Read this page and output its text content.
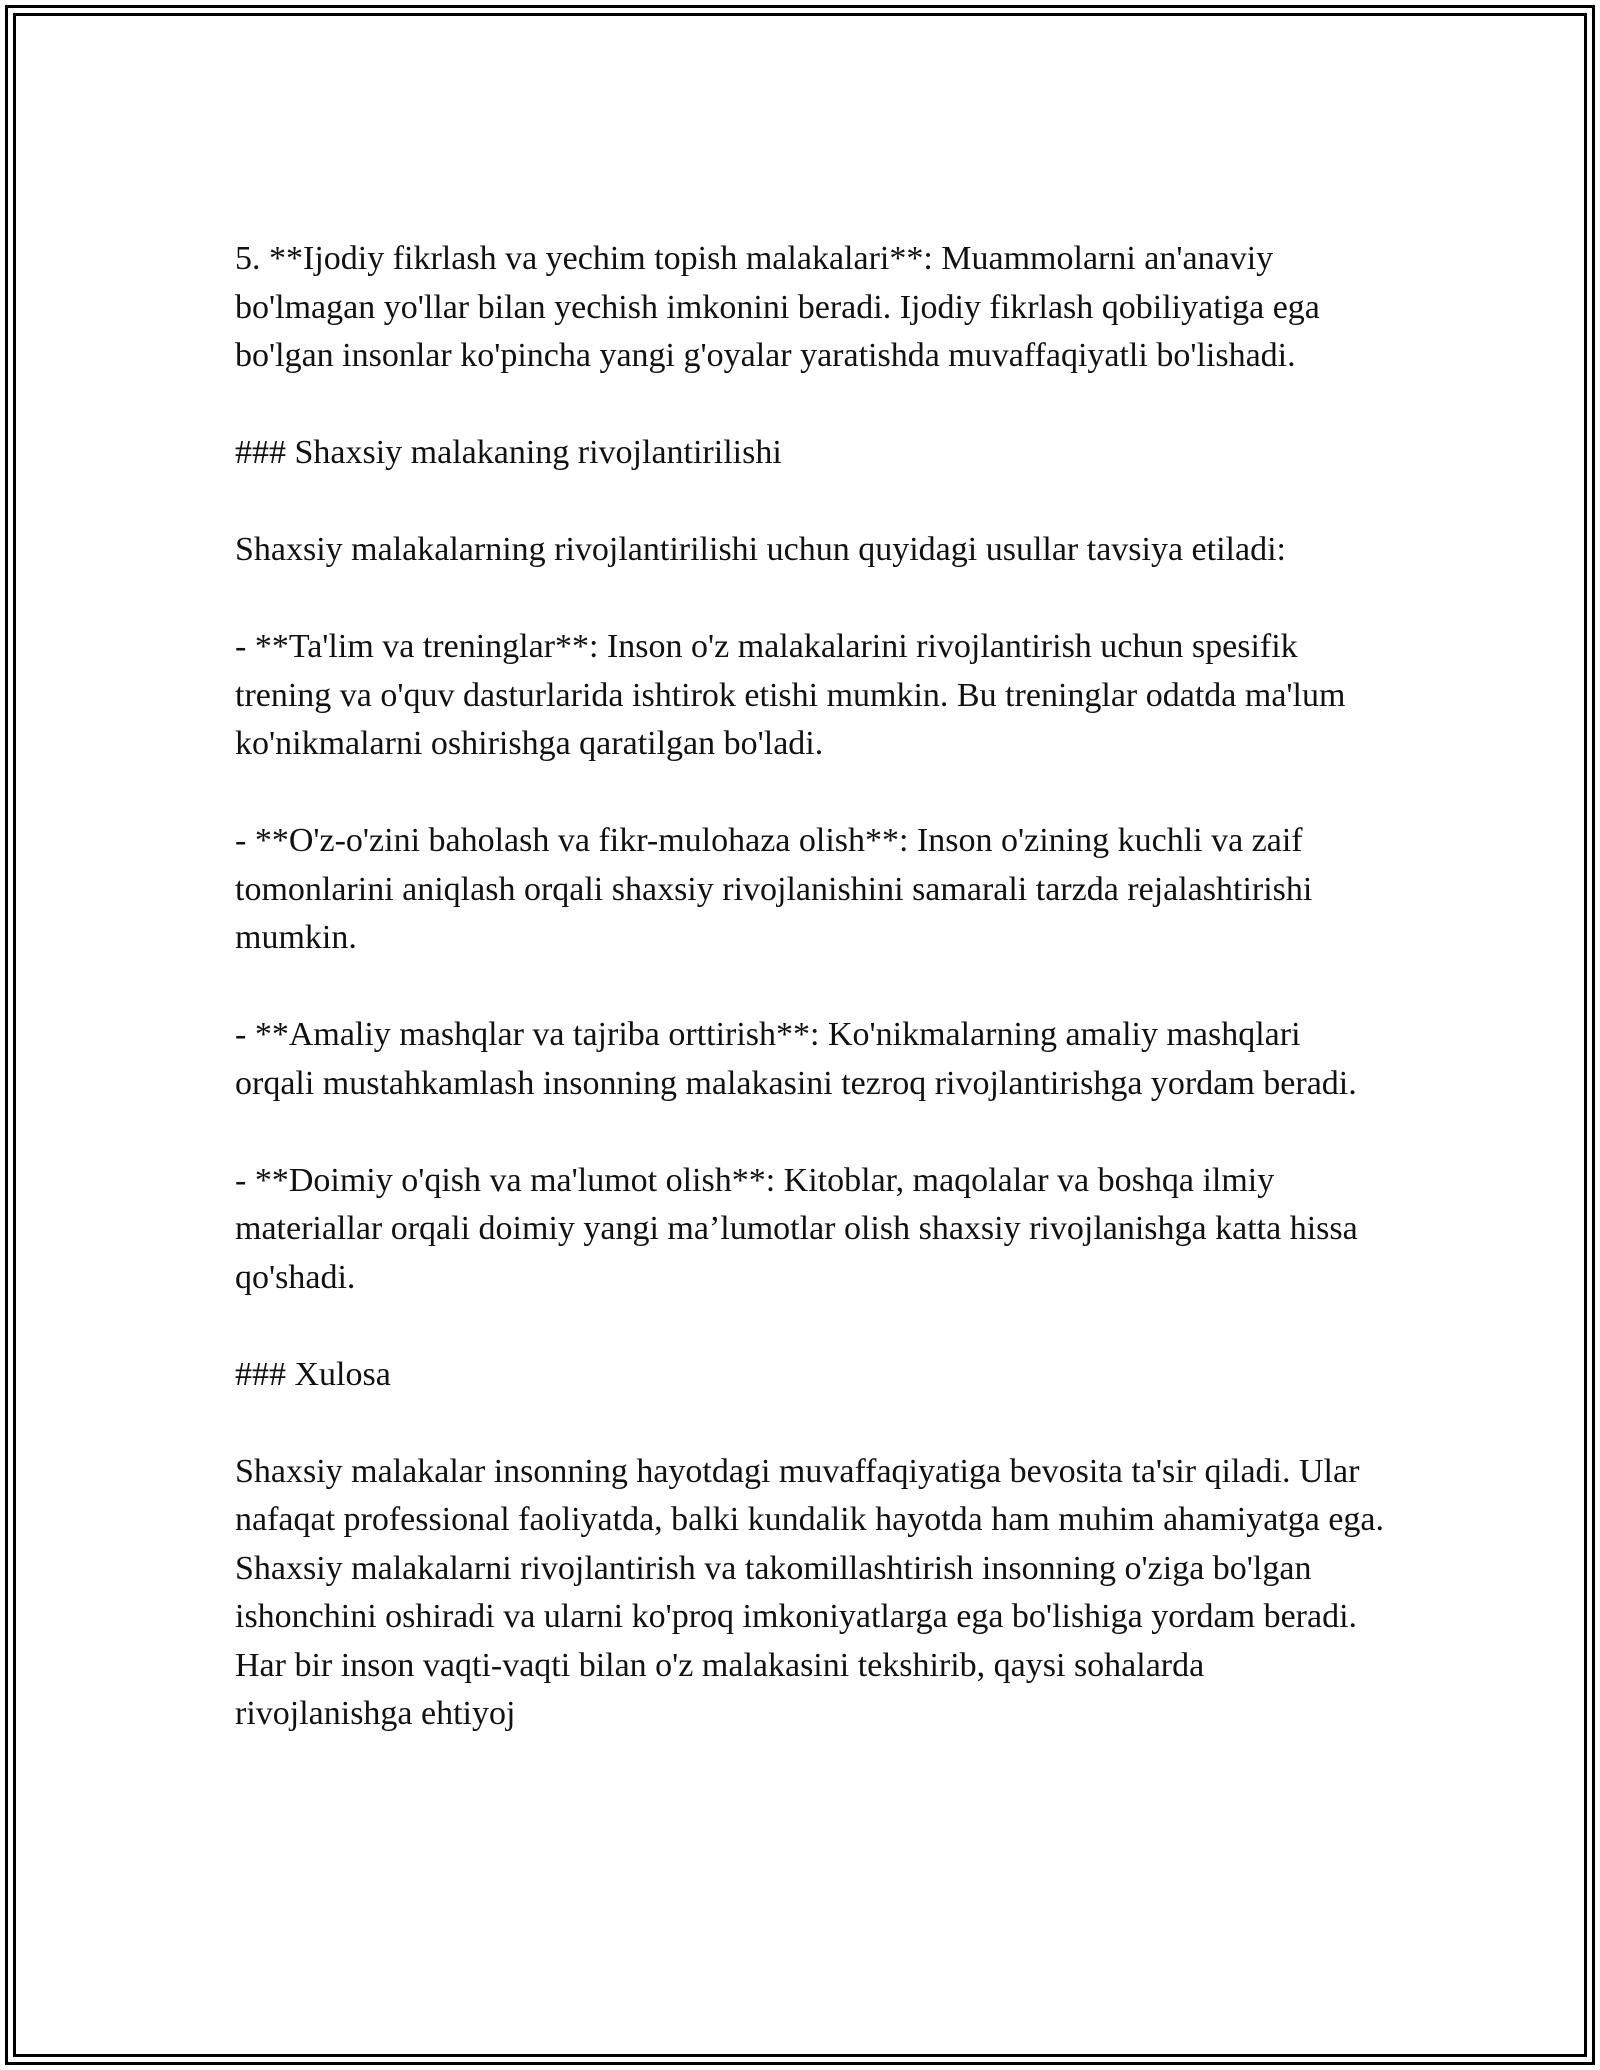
5. **Ijodiy fikrlash va yechim topish malakalari**: Muammolarni an'anaviy bo'lmagan yo'llar bilan yechish imkonini beradi. Ijodiy fikrlash qobiliyatiga ega bo'lgan insonlar ko'pincha yangi g'oyalar yaratishda muvaffaqiyatli bo'lishadi.

### Shaxsiy malakaning rivojlantirilishi

Shaxsiy malakalarning rivojlantirilishi uchun quyidagi usullar tavsiya etiladi:

- **Ta'lim va treninglar**: Inson o'z malakalarini rivojlantirish uchun spesifik trening va o'quv dasturlarida ishtirok etishi mumkin. Bu treninglar odatda ma'lum ko'nikmalarni oshirishga qaratilgan bo'ladi.

- **O'z-o'zini baholash va fikr-mulohaza olish**: Inson o'zining kuchli va zaif tomonlarini aniqlash orqali shaxsiy rivojlanishini samarali tarzda rejalashtirishi mumkin.

- **Amaliy mashqlar va tajriba orttirish**: Ko'nikmalarning amaliy mashqlari orqali mustahkamlash insonning malakasini tezroq rivojlantirishga yordam beradi.

- **Doimiy o'qish va ma'lumot olish**: Kitoblar, maqolalar va boshqa ilmiy materiallar orqali doimiy yangi ma’lumotlar olish shaxsiy rivojlanishga katta hissa qo'shadi.

### Xulosa

Shaxsiy malakalar insonning hayotdagi muvaffaqiyatiga bevosita ta'sir qiladi. Ular nafaqat professional faoliyatda, balki kundalik hayotda ham muhim ahamiyatga ega. Shaxsiy malakalarni rivojlantirish va takomillashtirish insonning o'ziga bo'lgan ishonchini oshiradi va ularni ko'proq imkoniyatlarga ega bo'lishiga yordam beradi. Har bir inson vaqti-vaqti bilan o'z malakasini tekshirib, qaysi sohalarda rivojlanishga ehtiyoj
